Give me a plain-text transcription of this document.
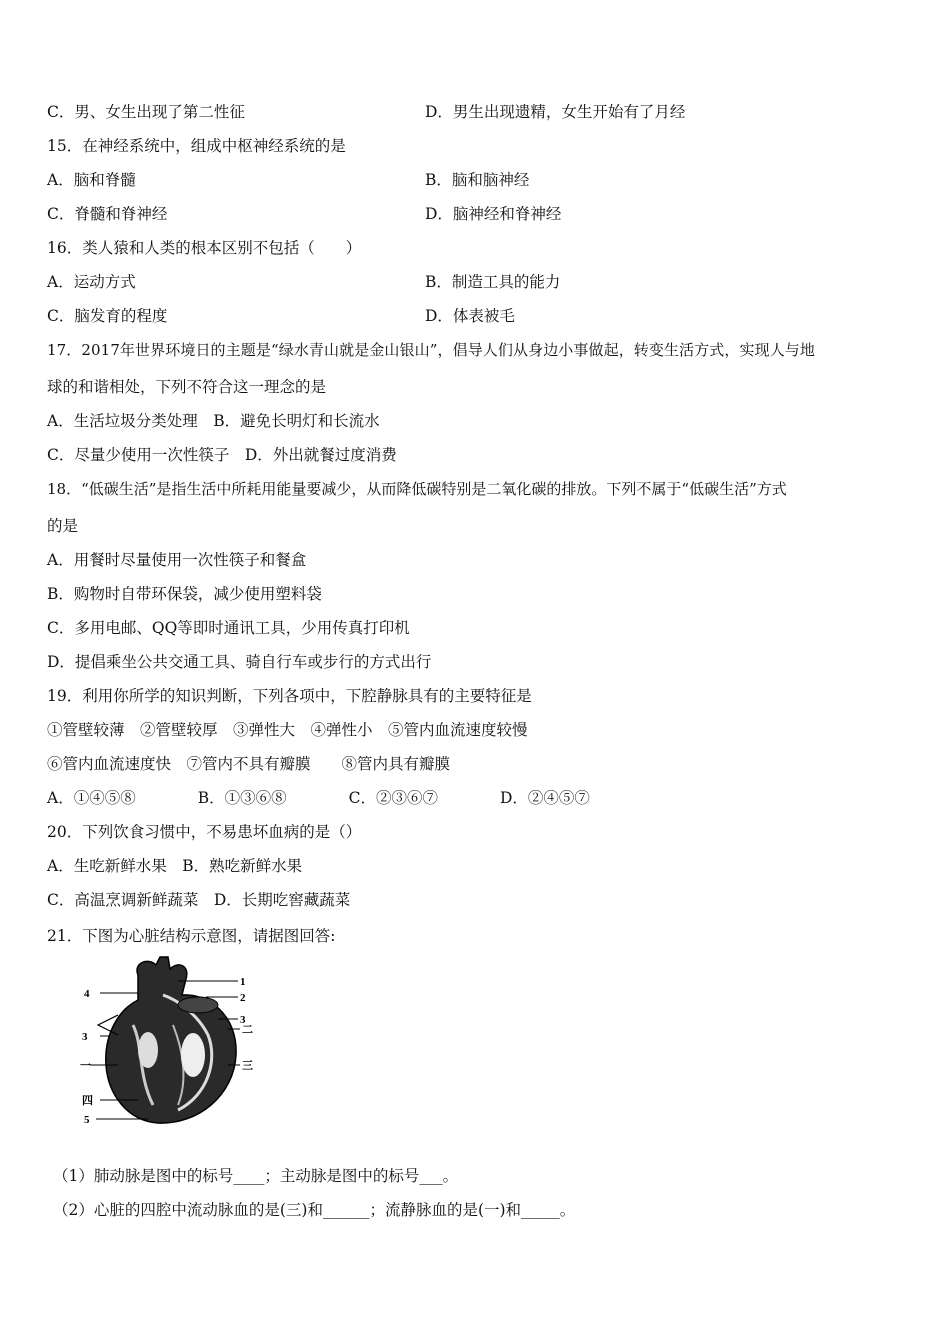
C．男、女生出现了第二性征	D．男生出现遗精，女生开始有了月经
15．在神经系统中，组成中枢神经系统的是
A．脑和脊髓	B．脑和脑神经
C．脊髓和脊神经	D．脑神经和脊神经
16．类人猿和人类的根本区别不包括（　　）
A．运动方式	B．制造工具的能力
C．脑发育的程度	D．体表被毛
17．2017年世界环境日的主题是“绿水青山就是金山银山”，倡导人们从身边小事做起，转变生活方式，实现人与地
球的和谐相处，下列不符合这一理念的是
A．生活垃圾分类处理　B．避免长明灯和长流水
C．尽量少使用一次性筷子　D．外出就餐过度消费
18．“低碳生活”是指生活中所耗用能量要减少，从而降低碳特别是二氧化碳的排放。下列不属于“低碳生活”方式
的是
A．用餐时尽量使用一次性筷子和餐盒
B．购物时自带环保袋，减少使用塑料袋
C．多用电邮、QQ等即时通讯工具，少用传真打印机
D．提倡乘坐公共交通工具、骑自行车或步行的方式出行
19．利用你所学的知识判断，下列各项中，下腔静脉具有的主要特征是
①管壁较薄　②管壁较厚　③弹性大　④弹性小　⑤管内血流速度较慢
⑥管内血流速度快　⑦管内不具有瓣膜　　⑧管内具有瓣膜
A．①④⑤⑧　　　　B．①③⑥⑧　　　　C．②③⑥⑦　　　　D．②④⑤⑦
20．下列饮食习惯中，不易患坏血病的是（）
A．生吃新鲜水果　B．熟吃新鲜水果
C．高温烹调新鲜蔬菜　D．长期吃窖藏蔬菜
21．下图为心脏结构示意图，请据图回答:
4
3
一
四
5
1
2
3
二
三
（1）肺动脉是图中的标号____；主动脉是图中的标号___。
（2）心脏的四腔中流动脉血的是(三)和______；流静脉血的是(一)和_____。
